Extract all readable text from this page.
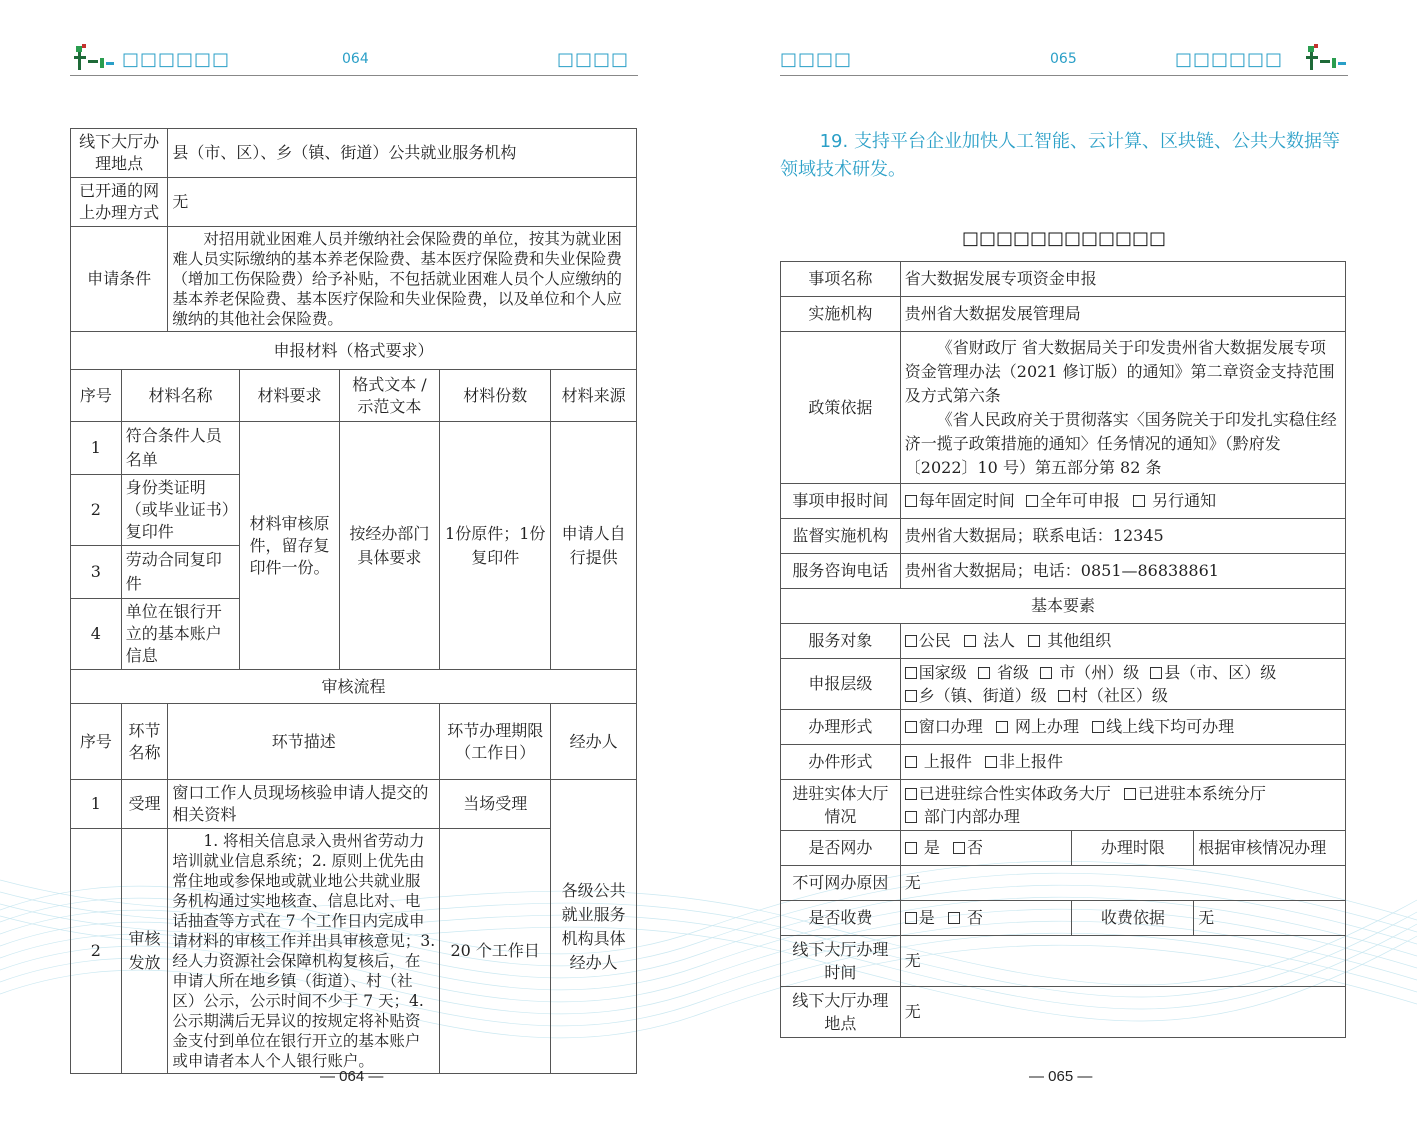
□□□□□□	064	□□□□
线下大厅办理地点		县（市、区）、乡（镇、街道）公共就业服务机构				
已开通的网上办理方式		无				
申请条件		对招用就业困难人员并缴纳社会保险费的单位，按其为就业困难人员实际缴纳的基本养老保险费、基本医疗保险费和失业保险费（增加工伤保险费）给予补贴，不包括就业困难人员个人应缴纳的基本养老保险费、基本医疗保险和失业保险费，以及单位和个人应缴纳的其他社会保险费。				
申报材料（格式要求）						
序号	材料名称		材料要求	格式文本 / 示范文本	材料份数	材料来源
1	符合条件人员名单		材料审核原件，留存复印件一份。	按经办部门具体要求	1份原件；1份复印件	申请人自行提供
2	身份类证明（或毕业证书）复印件					
3	劳动合同复印件					
4	单位在银行开立的基本账户信息					
审核流程						
序号	环节名称	环节描述			环节办理期限（工作日）	经办人
1	受理	窗口工作人员现场核验申请人提交的相关资料			当场受理	各级公共就业服务机构具体经办人
2	审核发放	1. 将相关信息录入贵州省劳动力培训就业信息系统；2. 原则上优先由常住地或参保地或就业地公共就业服务机构通过实地核查、信息比对、电话抽查等方式在 7 个工作日内完成申请材料的审核工作并出具审核意见；3. 经人力资源社会保障机构复核后，在申请人所在地乡镇（街道）、村（社区）公示，公示时间不少于 7 天；4. 公示期满后无异议的按规定将补贴资金支付到单位在银行开立的基本账户或申请者本人个人银行账户。			20 个工作日	
— 064 —
□□□□	065	□□□□□□

19. 支持平台企业加快人工智能、云计算、区块链、公共大数据等领域技术研发。

□□□□□□□□□□□□
事项名称	省大数据发展专项资金申报		
实施机构	贵州省大数据发展管理局		
政策依据	《省财政厅 省大数据局关于印发贵州省大数据发展专项资金管理办法（2021 修订版）的通知》第二章资金支持范围及方式第六条
《省人民政府关于贯彻落实〈国务院关于印发扎实稳住经济一揽子政策措施的通知〉任务情况的通知》（黔府发〔2022〕10 号）第五部分第 82 条		

事项申报时间	每年固定时间 全年可申报 另行通知		
监督实施机构	贵州省大数据局；联系电话：12345		
服务咨询电话	贵州省大数据局；电话：0851—86838861		
基本要素			
服务对象	公民 法人 其他组织		
申报层级	国家级 省级 市（州）级 县（市、区）级
乡（镇、街道）级 村（社区）级		
办理形式	窗口办理 网上办理 线上线下均可办理		
办件形式	上报件 非上报件		
进驻实体大厅情况	已进驻综合性实体政务大厅 已进驻本系统分厅
部门内部办理		
是否网办	是 否	办理时限	根据审核情况办理
不可网办原因	无		
是否收费	是 否	收费依据	无
线下大厅办理时间	无		
线下大厅办理地点	无		
— 065 —
